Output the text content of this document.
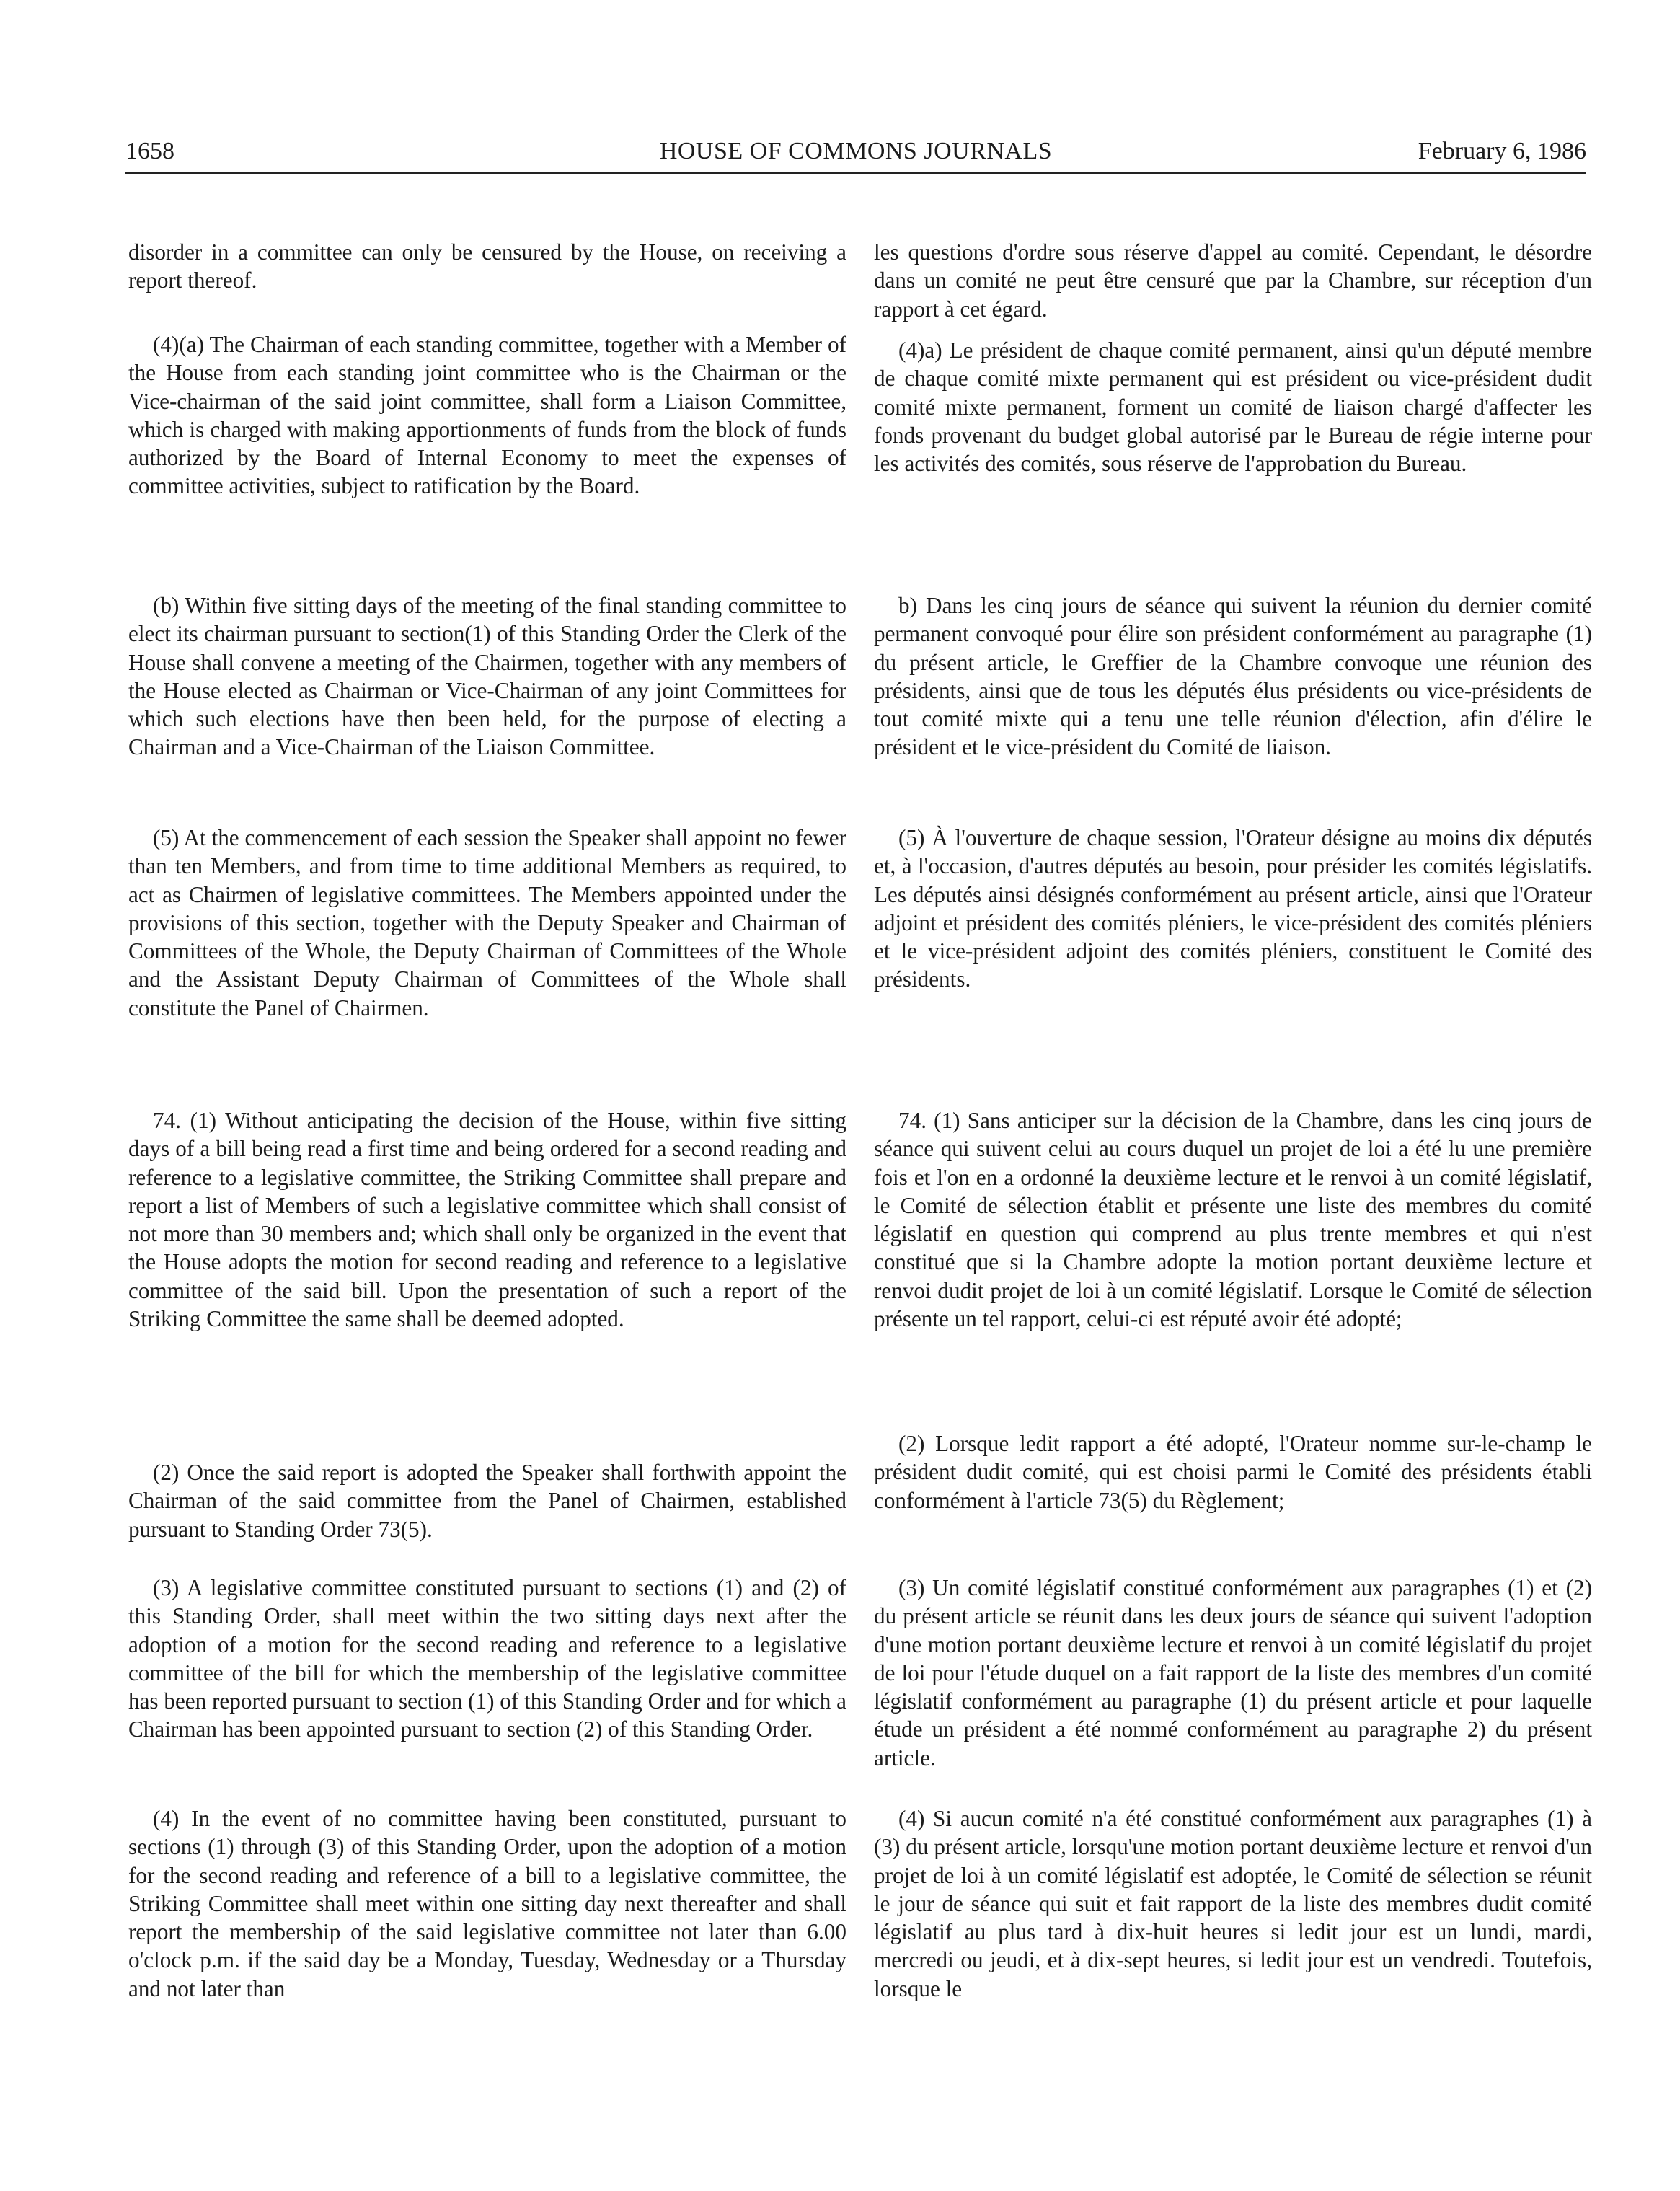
1658	HOUSE OF COMMONS JOURNALS	February 6, 1986

disorder in a committee can only be censured by the House, on receiving a report thereof.

(4)(a) The Chairman of each standing committee, together with a Member of the House from each standing joint committee who is the Chairman or the Vice-chairman of the said joint committee, shall form a Liaison Committee, which is charged with making apportionments of funds from the block of funds authorized by the Board of Internal Economy to meet the expenses of committee activities, subject to ratification by the Board.

(b) Within five sitting days of the meeting of the final standing committee to elect its chairman pursuant to section(1) of this Standing Order the Clerk of the House shall convene a meeting of the Chairmen, together with any members of the House elected as Chairman or Vice-Chairman of any joint Committees for which such elections have then been held, for the purpose of electing a Chairman and a Vice-Chairman of the Liaison Committee.

(5) At the commencement of each session the Speaker shall appoint no fewer than ten Members, and from time to time additional Members as required, to act as Chairmen of legislative committees. The Members appointed under the provisions of this section, together with the Deputy Speaker and Chairman of Committees of the Whole, the Deputy Chairman of Committees of the Whole and the Assistant Deputy Chairman of Committees of the Whole shall constitute the Panel of Chairmen.

74. (1) Without anticipating the decision of the House, within five sitting days of a bill being read a first time and being ordered for a second reading and reference to a legislative committee, the Striking Committee shall prepare and report a list of Members of such a legislative committee which shall consist of not more than 30 members and; which shall only be organized in the event that the House adopts the motion for second reading and reference to a legislative committee of the said bill. Upon the presentation of such a report of the Striking Committee the same shall be deemed adopted.

(2) Once the said report is adopted the Speaker shall forthwith appoint the Chairman of the said committee from the Panel of Chairmen, established pursuant to Standing Order 73(5).

(3) A legislative committee constituted pursuant to sections (1) and (2) of this Standing Order, shall meet within the two sitting days next after the adoption of a motion for the second reading and reference to a legislative committee of the bill for which the membership of the legislative committee has been reported pursuant to section (1) of this Standing Order and for which a Chairman has been appointed pursuant to section (2) of this Standing Order.

(4) In the event of no committee having been constituted, pursuant to sections (1) through (3) of this Standing Order, upon the adoption of a motion for the second reading and reference of a bill to a legislative committee, the Striking Committee shall meet within one sitting day next thereafter and shall report the membership of the said legislative committee not later than 6.00 o'clock p.m. if the said day be a Monday, Tuesday, Wednesday or a Thursday and not later than

les questions d'ordre sous réserve d'appel au comité. Cependant, le désordre dans un comité ne peut être censuré que par la Chambre, sur réception d'un rapport à cet égard.

(4)a) Le président de chaque comité permanent, ainsi qu'un député membre de chaque comité mixte permanent qui est président ou vice-président dudit comité mixte permanent, forment un comité de liaison chargé d'affecter les fonds provenant du budget global autorisé par le Bureau de régie interne pour les activités des comités, sous réserve de l'approbation du Bureau.

b) Dans les cinq jours de séance qui suivent la réunion du dernier comité permanent convoqué pour élire son président conformément au paragraphe (1) du présent article, le Greffier de la Chambre convoque une réunion des présidents, ainsi que de tous les députés élus présidents ou vice-présidents de tout comité mixte qui a tenu une telle réunion d'élection, afin d'élire le président et le vice-président du Comité de liaison.

(5) À l'ouverture de chaque session, l'Orateur désigne au moins dix députés et, à l'occasion, d'autres députés au besoin, pour présider les comités législatifs. Les députés ainsi désignés conformément au présent article, ainsi que l'Orateur adjoint et président des comités pléniers, le vice-président des comités pléniers et le vice-président adjoint des comités pléniers, constituent le Comité des présidents.

74. (1) Sans anticiper sur la décision de la Chambre, dans les cinq jours de séance qui suivent celui au cours duquel un projet de loi a été lu une première fois et l'on en a ordonné la deuxième lecture et le renvoi à un comité législatif, le Comité de sélection établit et présente une liste des membres du comité législatif en question qui comprend au plus trente membres et qui n'est constitué que si la Chambre adopte la motion portant deuxième lecture et renvoi dudit projet de loi à un comité législatif. Lorsque le Comité de sélection présente un tel rapport, celui-ci est réputé avoir été adopté;

(2) Lorsque ledit rapport a été adopté, l'Orateur nomme sur-le-champ le président dudit comité, qui est choisi parmi le Comité des présidents établi conformément à l'article 73(5) du Règlement;

(3) Un comité législatif constitué conformément aux paragraphes (1) et (2) du présent article se réunit dans les deux jours de séance qui suivent l'adoption d'une motion portant deuxième lecture et renvoi à un comité législatif du projet de loi pour l'étude duquel on a fait rapport de la liste des membres d'un comité législatif conformément au paragraphe (1) du présent article et pour laquelle étude un président a été nommé conformément au paragraphe 2) du présent article.

(4) Si aucun comité n'a été constitué conformément aux paragraphes (1) à (3) du présent article, lorsqu'une motion portant deuxième lecture et renvoi d'un projet de loi à un comité législatif est adoptée, le Comité de sélection se réunit le jour de séance qui suit et fait rapport de la liste des membres dudit comité législatif au plus tard à dix-huit heures si ledit jour est un lundi, mardi, mercredi ou jeudi, et à dix-sept heures, si ledit jour est un vendredi. Toutefois, lorsque le
